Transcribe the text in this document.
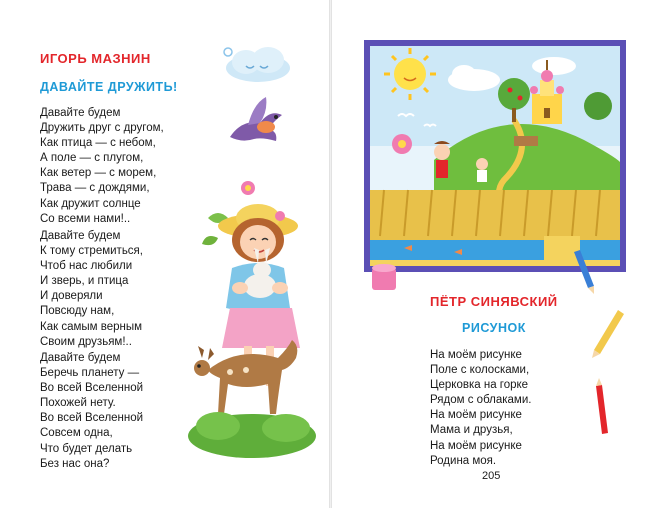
ИГОРЬ МАЗНИН
ДАВАЙТЕ ДРУЖИТЬ!
Давайте будем
Дружить друг с другом,
Как птица — с небом,
А поле — с плугом,
Как ветер — с морем,
Трава — с дождями,
Как дружит солнце
Со всеми нами!..
Давайте будем
К тому стремиться,
Чтоб нас любили
И зверь, и птица
И доверяли
Повсюду нам,
Как самым верным
Своим друзьям!..
Давайте будем
Беречь планету —
Во всей Вселенной
Похожей нету.
Во всей Вселенной
Совсем одна,
Что будет делать
Без нас она?
ПЁТР СИНЯВСКИЙ
РИСУНОК
На моём рисунке
Поле с колосками,
Церковка на горке
Рядом с облаками.
На моём рисунке
Мама и друзья,
На моём рисунке
Родина моя.
205
